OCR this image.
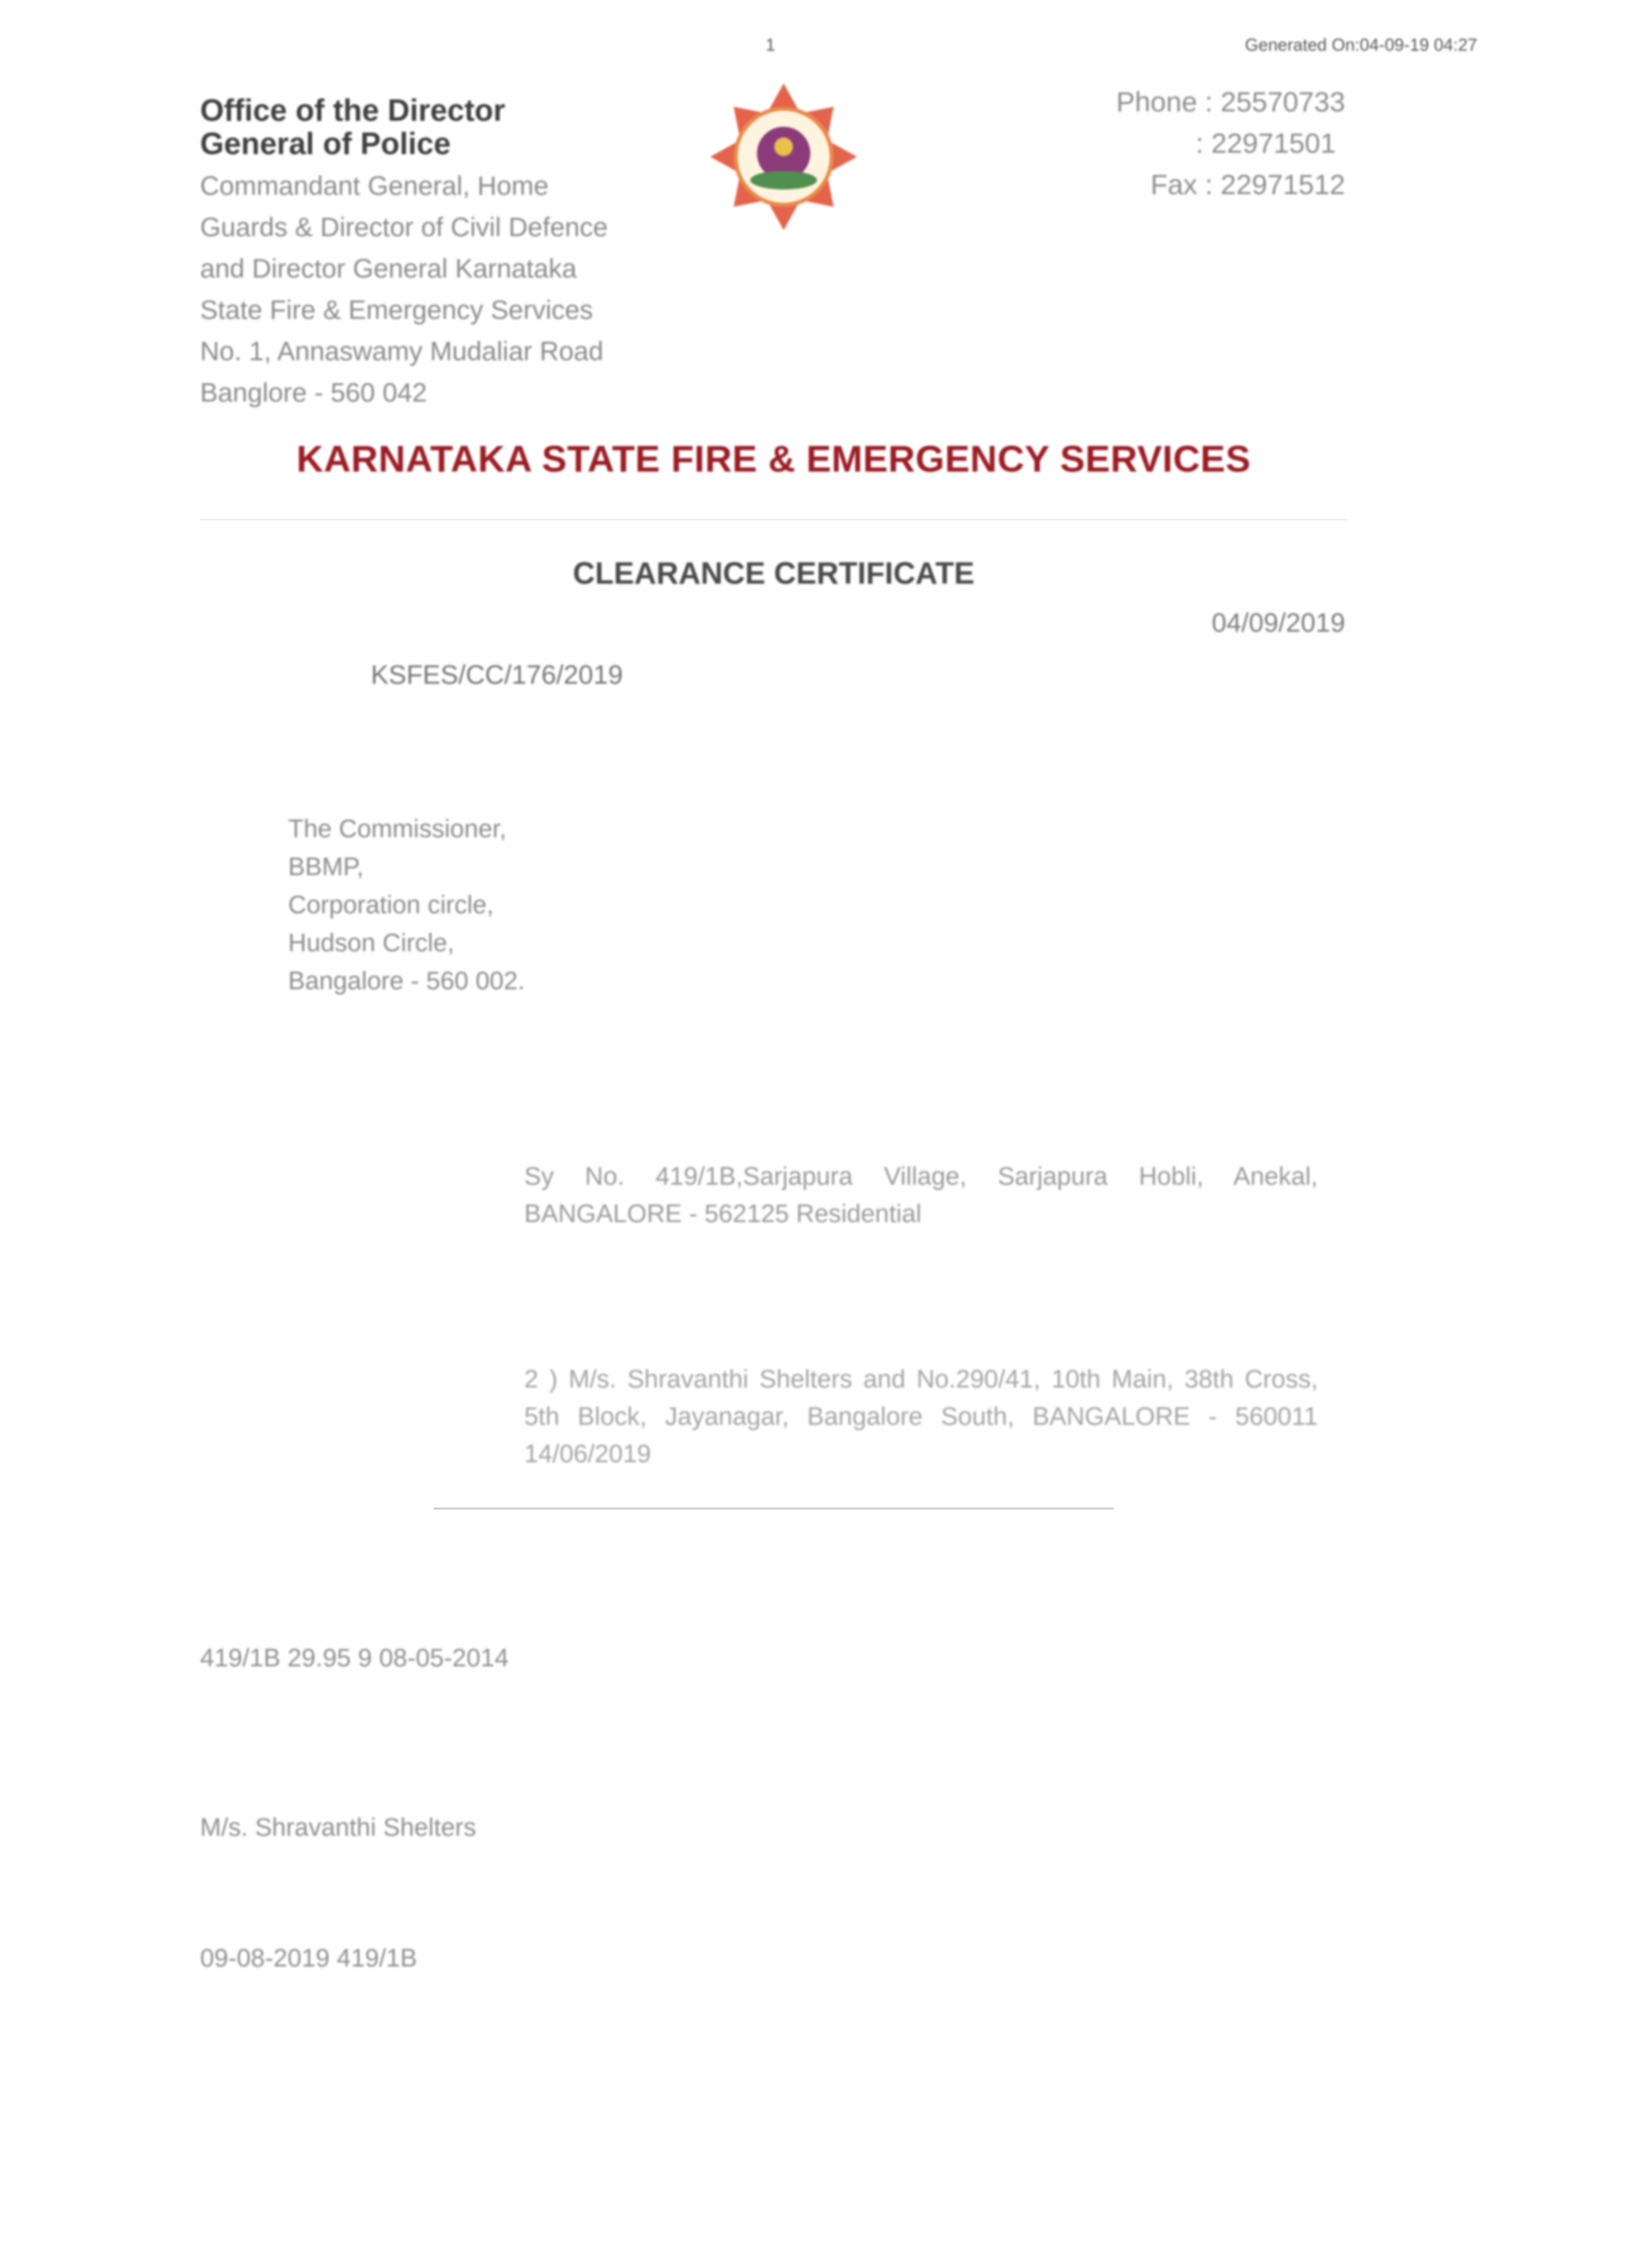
1	Generated On:04-09-19 04:27
Office of the Director
General of Police
Commandant General, Home
Guards & Director of Civil Defence
and Director General Karnataka
State Fire & Emergency Services
No. 1, Annaswamy Mudaliar Road
Banglore - 560 042
Phone : 25570733
: 22971501
Fax : 22971512
KARNATAKA STATE FIRE & EMERGENCY SERVICES
CLEARANCE CERTIFICATE
04/09/2019
KSFES/CC/176/2019
The Commissioner,
BBMP,
Corporation circle,
Hudson Circle,
Bangalore - 560 002.
Sy No. 419/1B,Sarjapura Village, Sarjapura Hobli, Anekal, BANGALORE - 562125 Residential
2 ) M/s. Shravanthi Shelters and No.290/41, 10th Main, 38th Cross, 5th Block, Jayanagar, Bangalore South, BANGALORE - 560011 14/06/2019
419/1B 29.95 9 08-05-2014
M/s. Shravanthi Shelters
09-08-2019 419/1B
